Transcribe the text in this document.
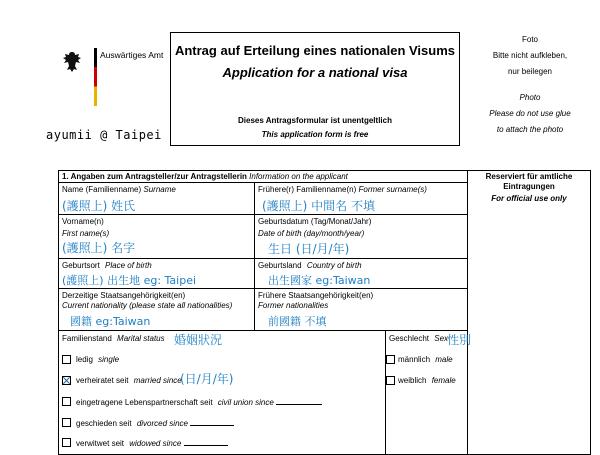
Auswärtiges Amt Antrag auf Erteilung eines nationalen Visums
Application for a national visa
Dieses Antragsformular ist unentgeltlich
This application form is free
Foto
Bitte nicht aufkleben,
nur beilegen
Photo
Please do not use glue
to attach the photo
ayumii @ Taipei
1. Angaben zum Antragsteller/zur Antragstellerin Information on the applicant	Reserviert für amtliche Eintragungen
For official use only
Name (Familienname) Surname
(護照上) 姓氏
Frühere(r) Familienname(n) Former surname(s)
(護照上) 中間名 不填
Vorname(n)
First name(s)
(護照上) 名字
Geburtsdatum (Tag/Monat/Jahr)
Date of birth (day/month/year)
生日 (日/月/年)
Geburtsort Place of birth
(護照上) 出生地 eg: Taipei
Geburtsland Country of birth
出生國家 eg:Taiwan
Derzeitige Staatsangehörigkeit(en)
Current nationality (please state all nationalities)
國籍 eg:Taiwan
Frühere Staatsangehörigkeit(en)
Former nationalities
前國籍 不填
Familienstand Marital status 婚姻狀況
ledig single
verheiratet seit married since
(日/月/年)
eingetragene Lebenspartnerschaft seit civil union since
geschieden seit divorced since
verwitwet seit widowed since
Geschlecht Sex
性別
männlich male
weiblich female
